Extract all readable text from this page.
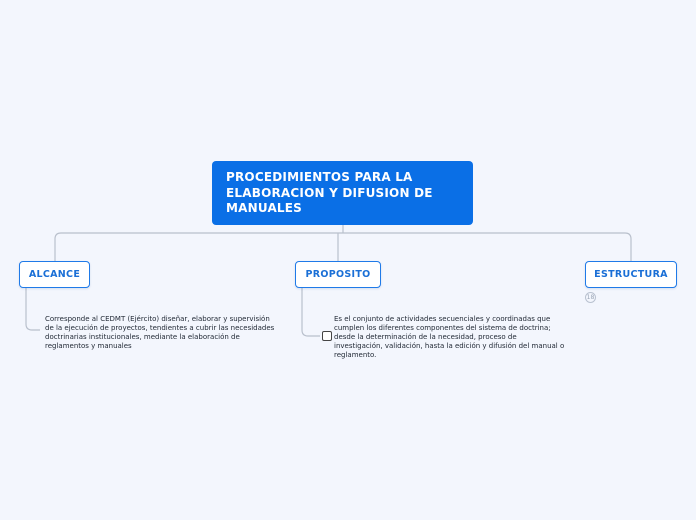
PROCEDIMIENTOS PARA LA
ELABORACION Y DIFUSION DE
MANUALES
ALCANCE	PROPOSITO	ESTRUCTURA
Corresponde al CEDMT (Ejército) diseñar, elaborar y supervisión de la ejecución de proyectos, tendientes a cubrir las necesidades doctrinarias institucionales, mediante la elaboración de reglamentos y manuales
Es el conjunto de actividades secuenciales y coordinadas que cumplen los diferentes componentes del sistema de doctrina; desde la determinación de la necesidad, proceso de investigación, validación, hasta la edición y difusión del manual o reglamento.
18
